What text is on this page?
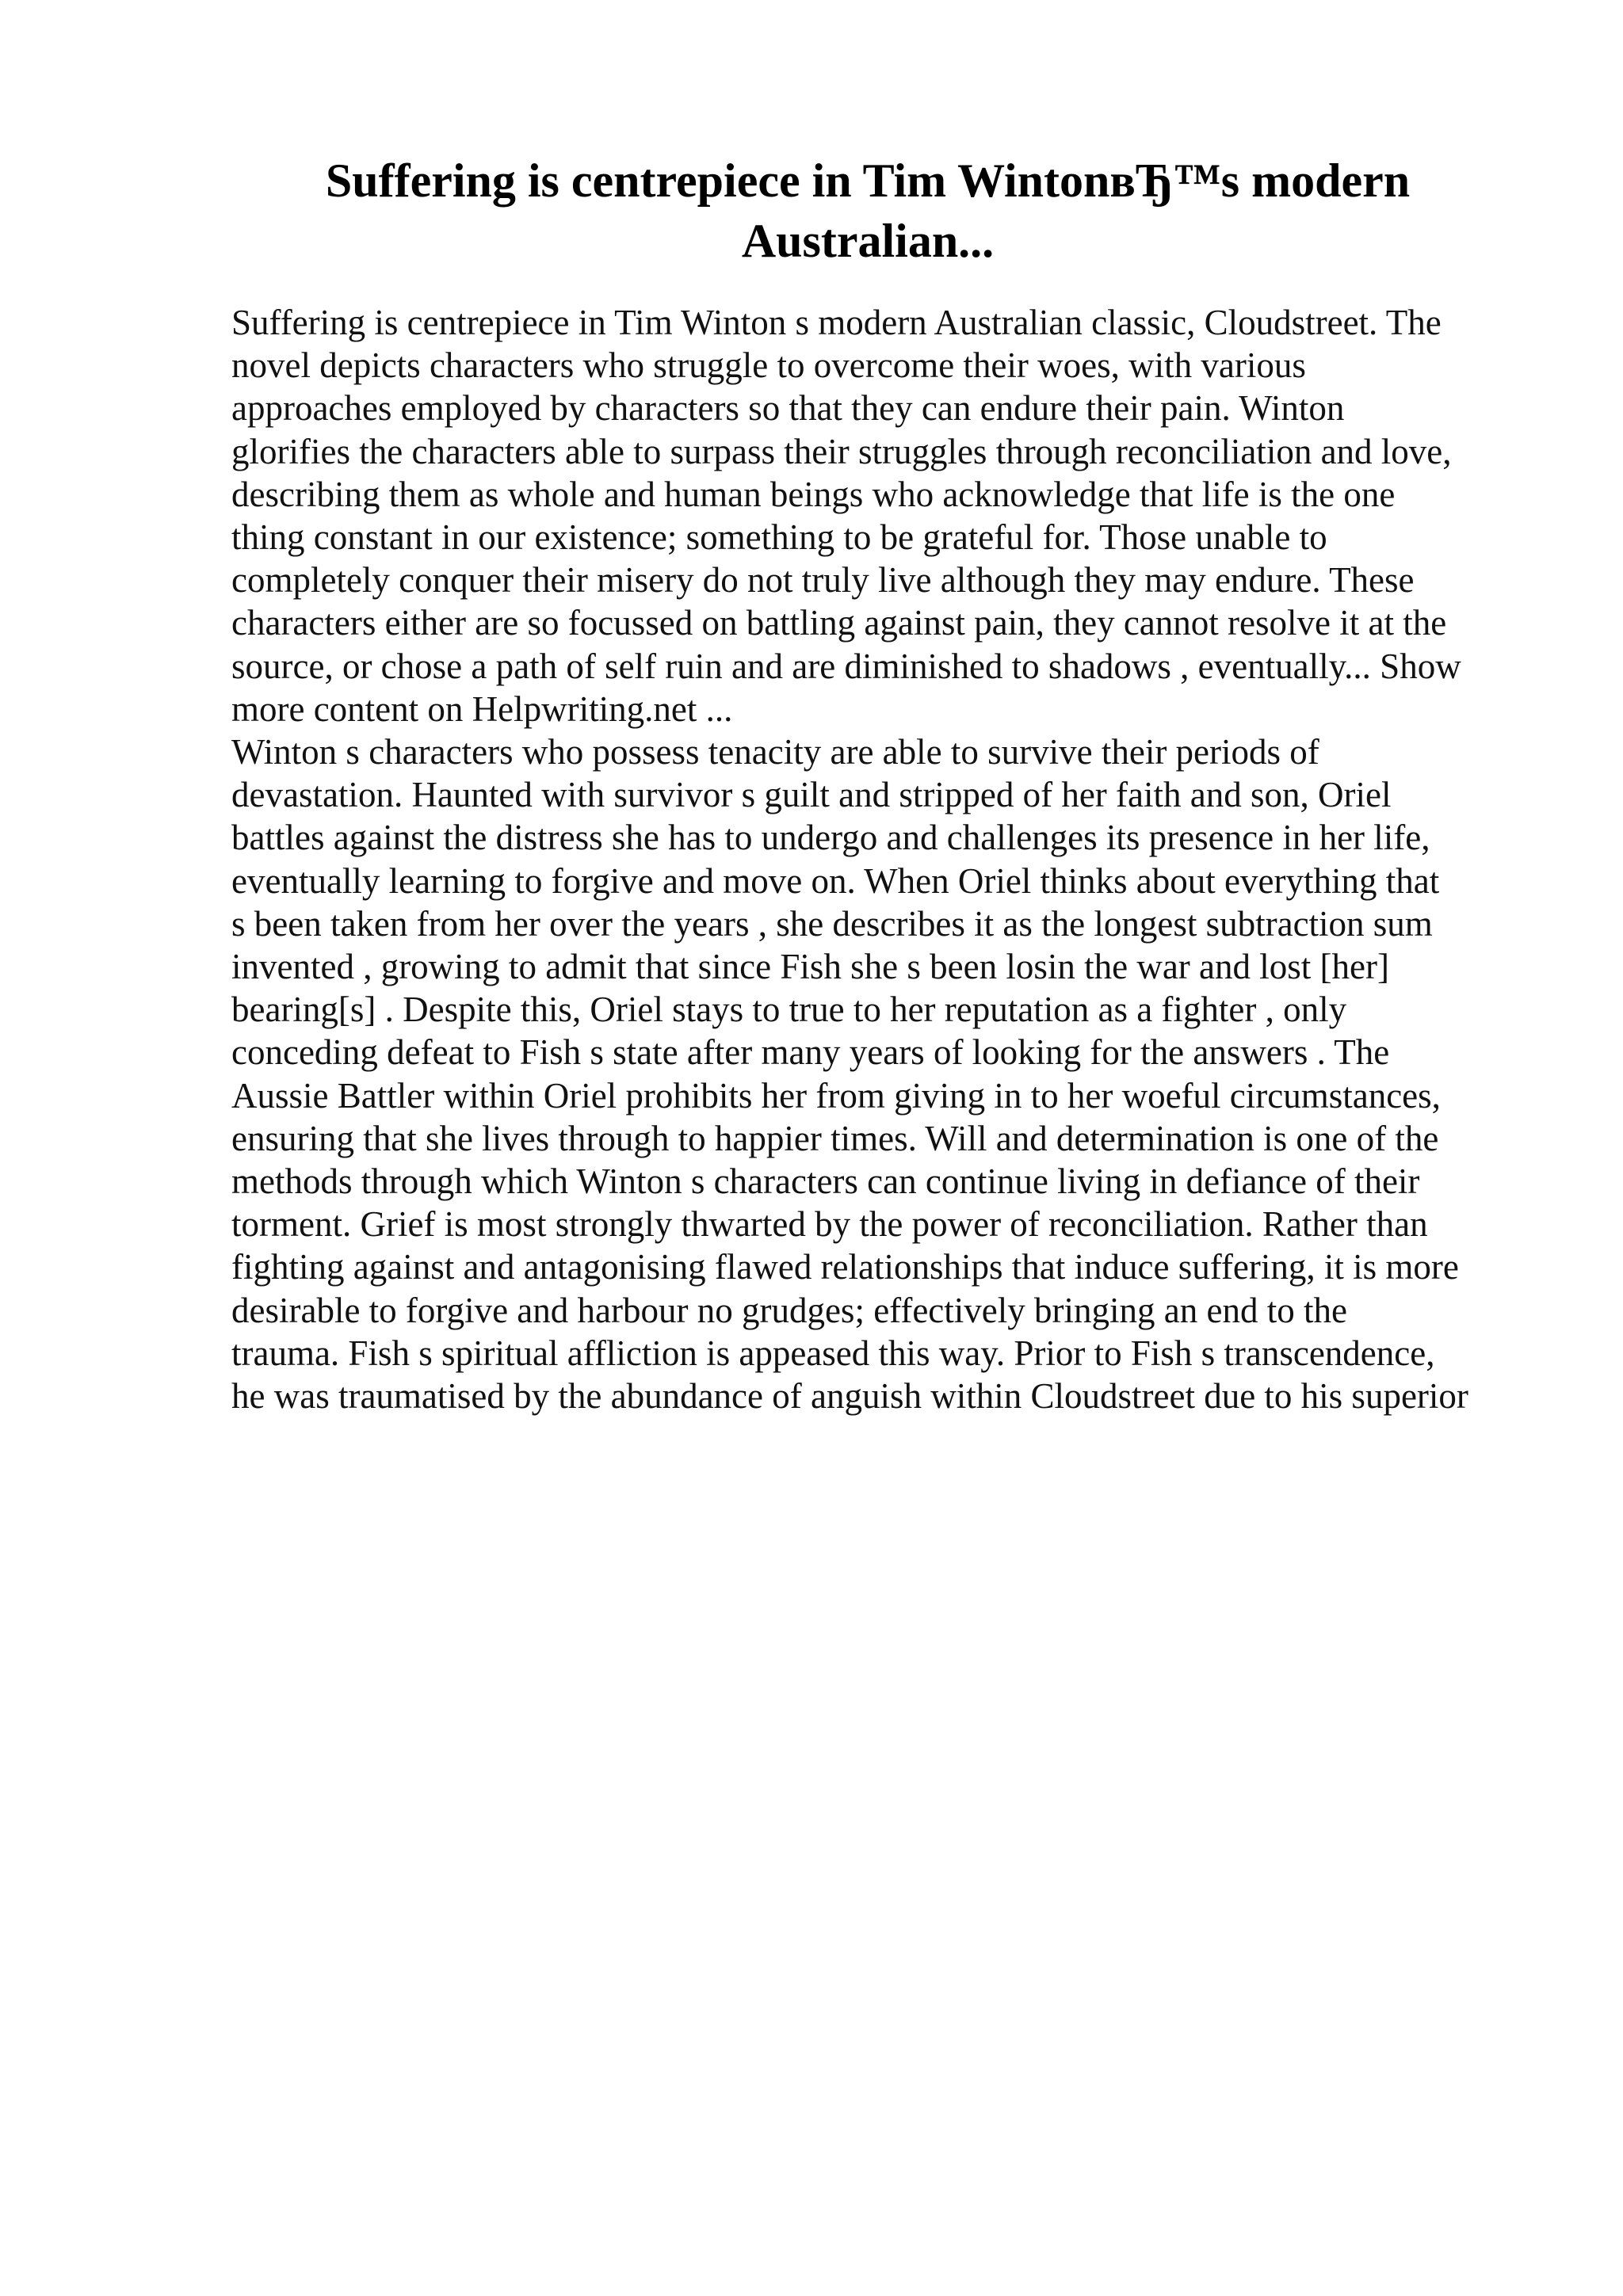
Suffering is centrepiece in Tim WintonвЂ™s modern
Australian...
Suffering is centrepiece in Tim Winton s modern Australian classic, Cloudstreet. The
novel depicts characters who struggle to overcome their woes, with various
approaches employed by characters so that they can endure their pain. Winton
glorifies the characters able to surpass their struggles through reconciliation and love,
describing them as whole and human beings who acknowledge that life is the one
thing constant in our existence; something to be grateful for. Those unable to
completely conquer their misery do not truly live although they may endure. These
characters either are so focussed on battling against pain, they cannot resolve it at the
source, or chose a path of self ruin and are diminished to shadows , eventually... Show
more content on Helpwriting.net ...
Winton s characters who possess tenacity are able to survive their periods of
devastation. Haunted with survivor s guilt and stripped of her faith and son, Oriel
battles against the distress she has to undergo and challenges its presence in her life,
eventually learning to forgive and move on. When Oriel thinks about everything that
s been taken from her over the years , she describes it as the longest subtraction sum
invented , growing to admit that since Fish she s been losin the war and lost [her]
bearing[s] . Despite this, Oriel stays to true to her reputation as a fighter , only
conceding defeat to Fish s state after many years of looking for the answers . The
Aussie Battler within Oriel prohibits her from giving in to her woeful circumstances,
ensuring that she lives through to happier times. Will and determination is one of the
methods through which Winton s characters can continue living in defiance of their
torment. Grief is most strongly thwarted by the power of reconciliation. Rather than
fighting against and antagonising flawed relationships that induce suffering, it is more
desirable to forgive and harbour no grudges; effectively bringing an end to the
trauma. Fish s spiritual affliction is appeased this way. Prior to Fish s transcendence,
he was traumatised by the abundance of anguish within Cloudstreet due to his superior
